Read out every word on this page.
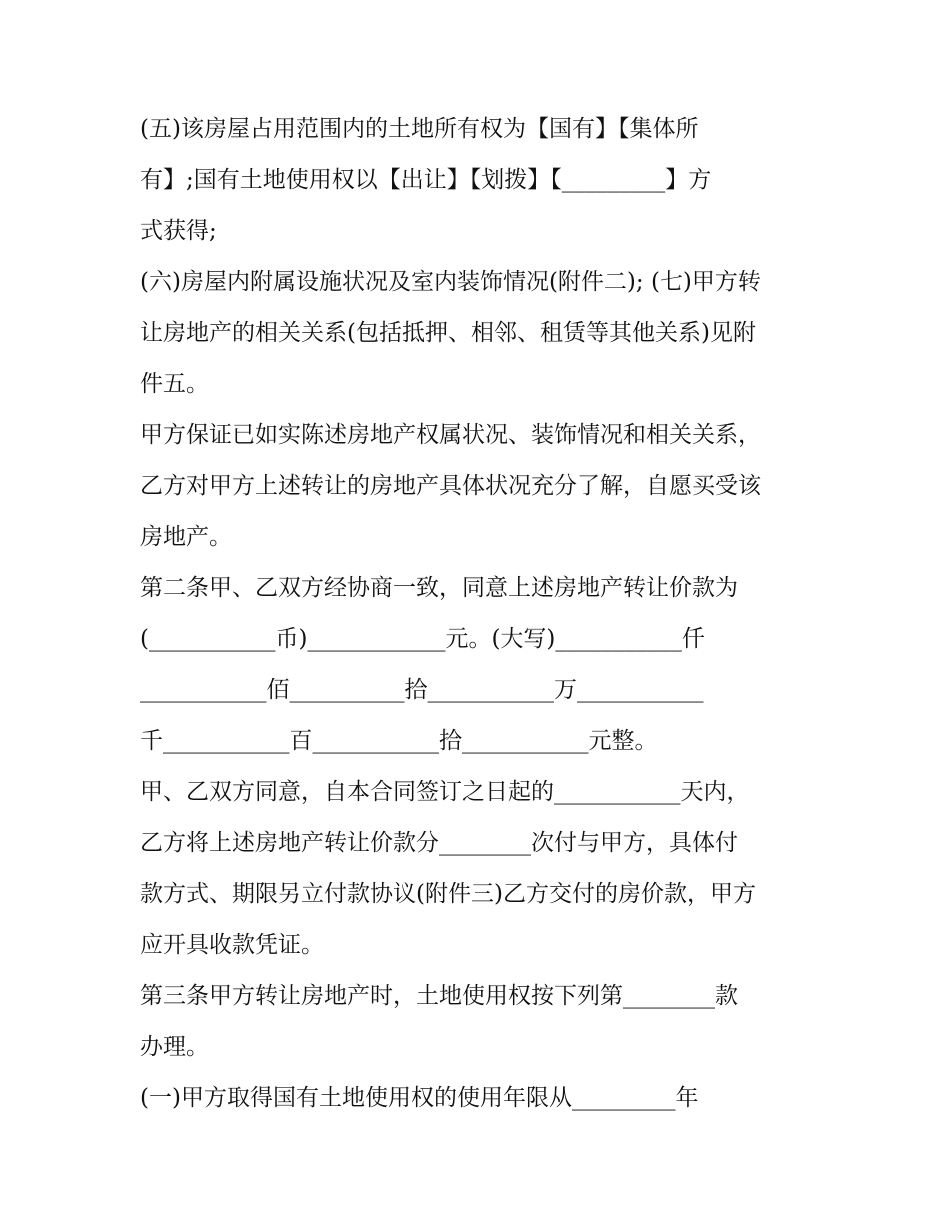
(五)该房屋占用范围内的土地所有权为【国有】【集体所
有】;国有土地使用权以【出让】【划拨】【_________】方
式获得;
(六)房屋内附属设施状况及室内装饰情况(附件二); (七)甲方转
让房地产的相关关系(包括抵押、相邻、租赁等其他关系)见附
件五。
甲方保证已如实陈述房地产权属状况、装饰情况和相关关系，
乙方对甲方上述转让的房地产具体状况充分了解，自愿买受该
房地产。
第二条甲、乙双方经协商一致，同意上述房地产转让价款为
(___________币)____________元。(大写)___________仟
___________佰__________拾___________万___________
千___________百___________拾___________元整。
甲、乙双方同意，自本合同签订之日起的___________天内，
乙方将上述房地产转让价款分________次付与甲方，具体付
款方式、期限另立付款协议(附件三)乙方交付的房价款，甲方
应开具收款凭证。
第三条甲方转让房地产时，土地使用权按下列第________款
办理。
(一)甲方取得国有土地使用权的使用年限从_________年
